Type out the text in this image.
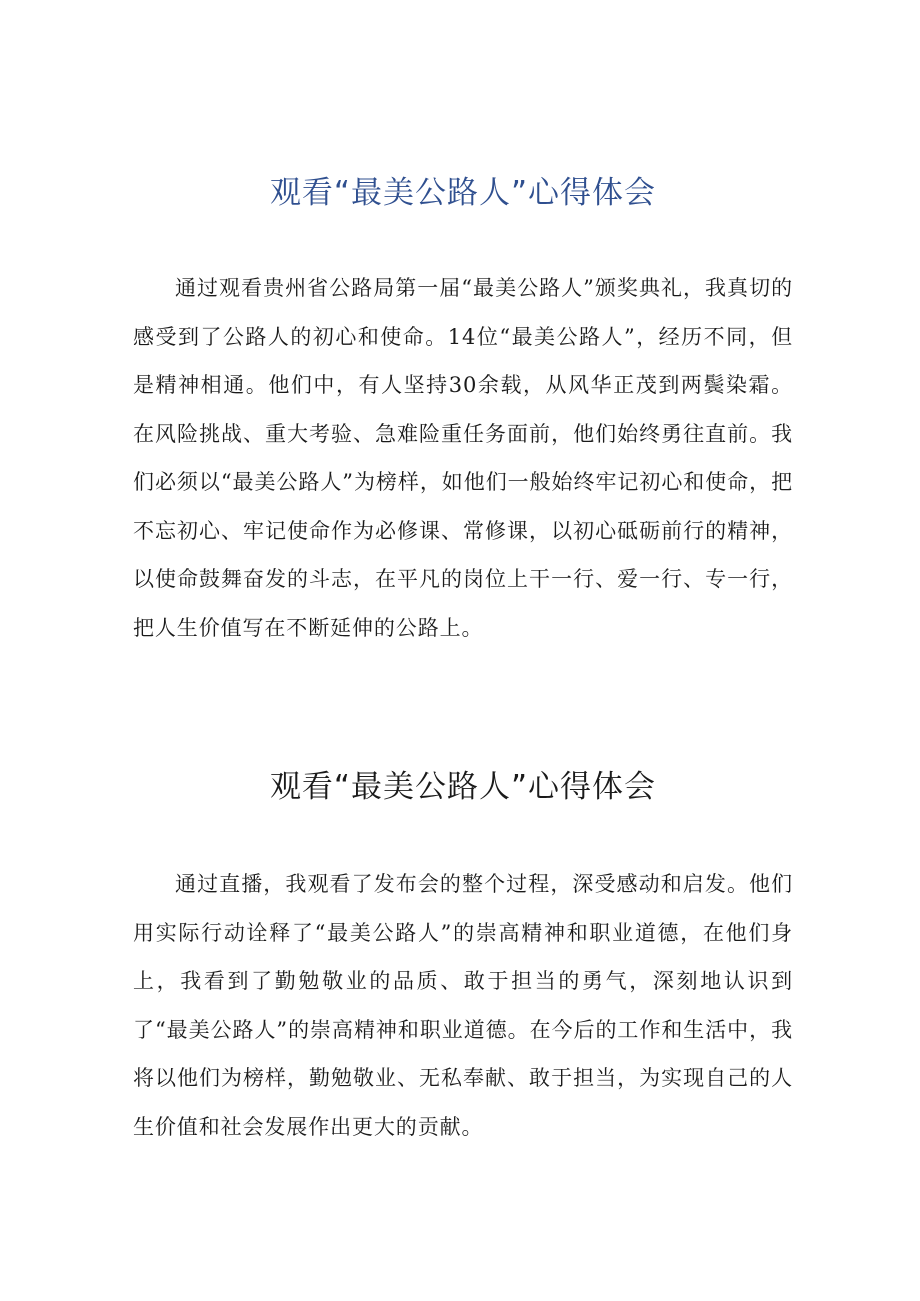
观看“最美公路人”心得体会

通过观看贵州省公路局第一届“最美公路人”颁奖典礼，我真切的感受到了公路人的初心和使命。14位“最美公路人”，经历不同，但是精神相通。他们中，有人坚持30余载，从风华正茂到两鬓染霜。在风险挑战、重大考验、急难险重任务面前，他们始终勇往直前。我们必须以“最美公路人”为榜样，如他们一般始终牢记初心和使命，把不忘初心、牢记使命作为必修课、常修课，以初心砥砺前行的精神，以使命鼓舞奋发的斗志，在平凡的岗位上干一行、爱一行、专一行，把人生价值写在不断延伸的公路上。

观看“最美公路人”心得体会

通过直播，我观看了发布会的整个过程，深受感动和启发。他们用实际行动诠释了“最美公路人”的崇高精神和职业道德，在他们身上，我看到了勤勉敬业的品质、敢于担当的勇气，深刻地认识到了“最美公路人”的崇高精神和职业道德。在今后的工作和生活中，我将以他们为榜样，勤勉敬业、无私奉献、敢于担当，为实现自己的人生价值和社会发展作出更大的贡献。
